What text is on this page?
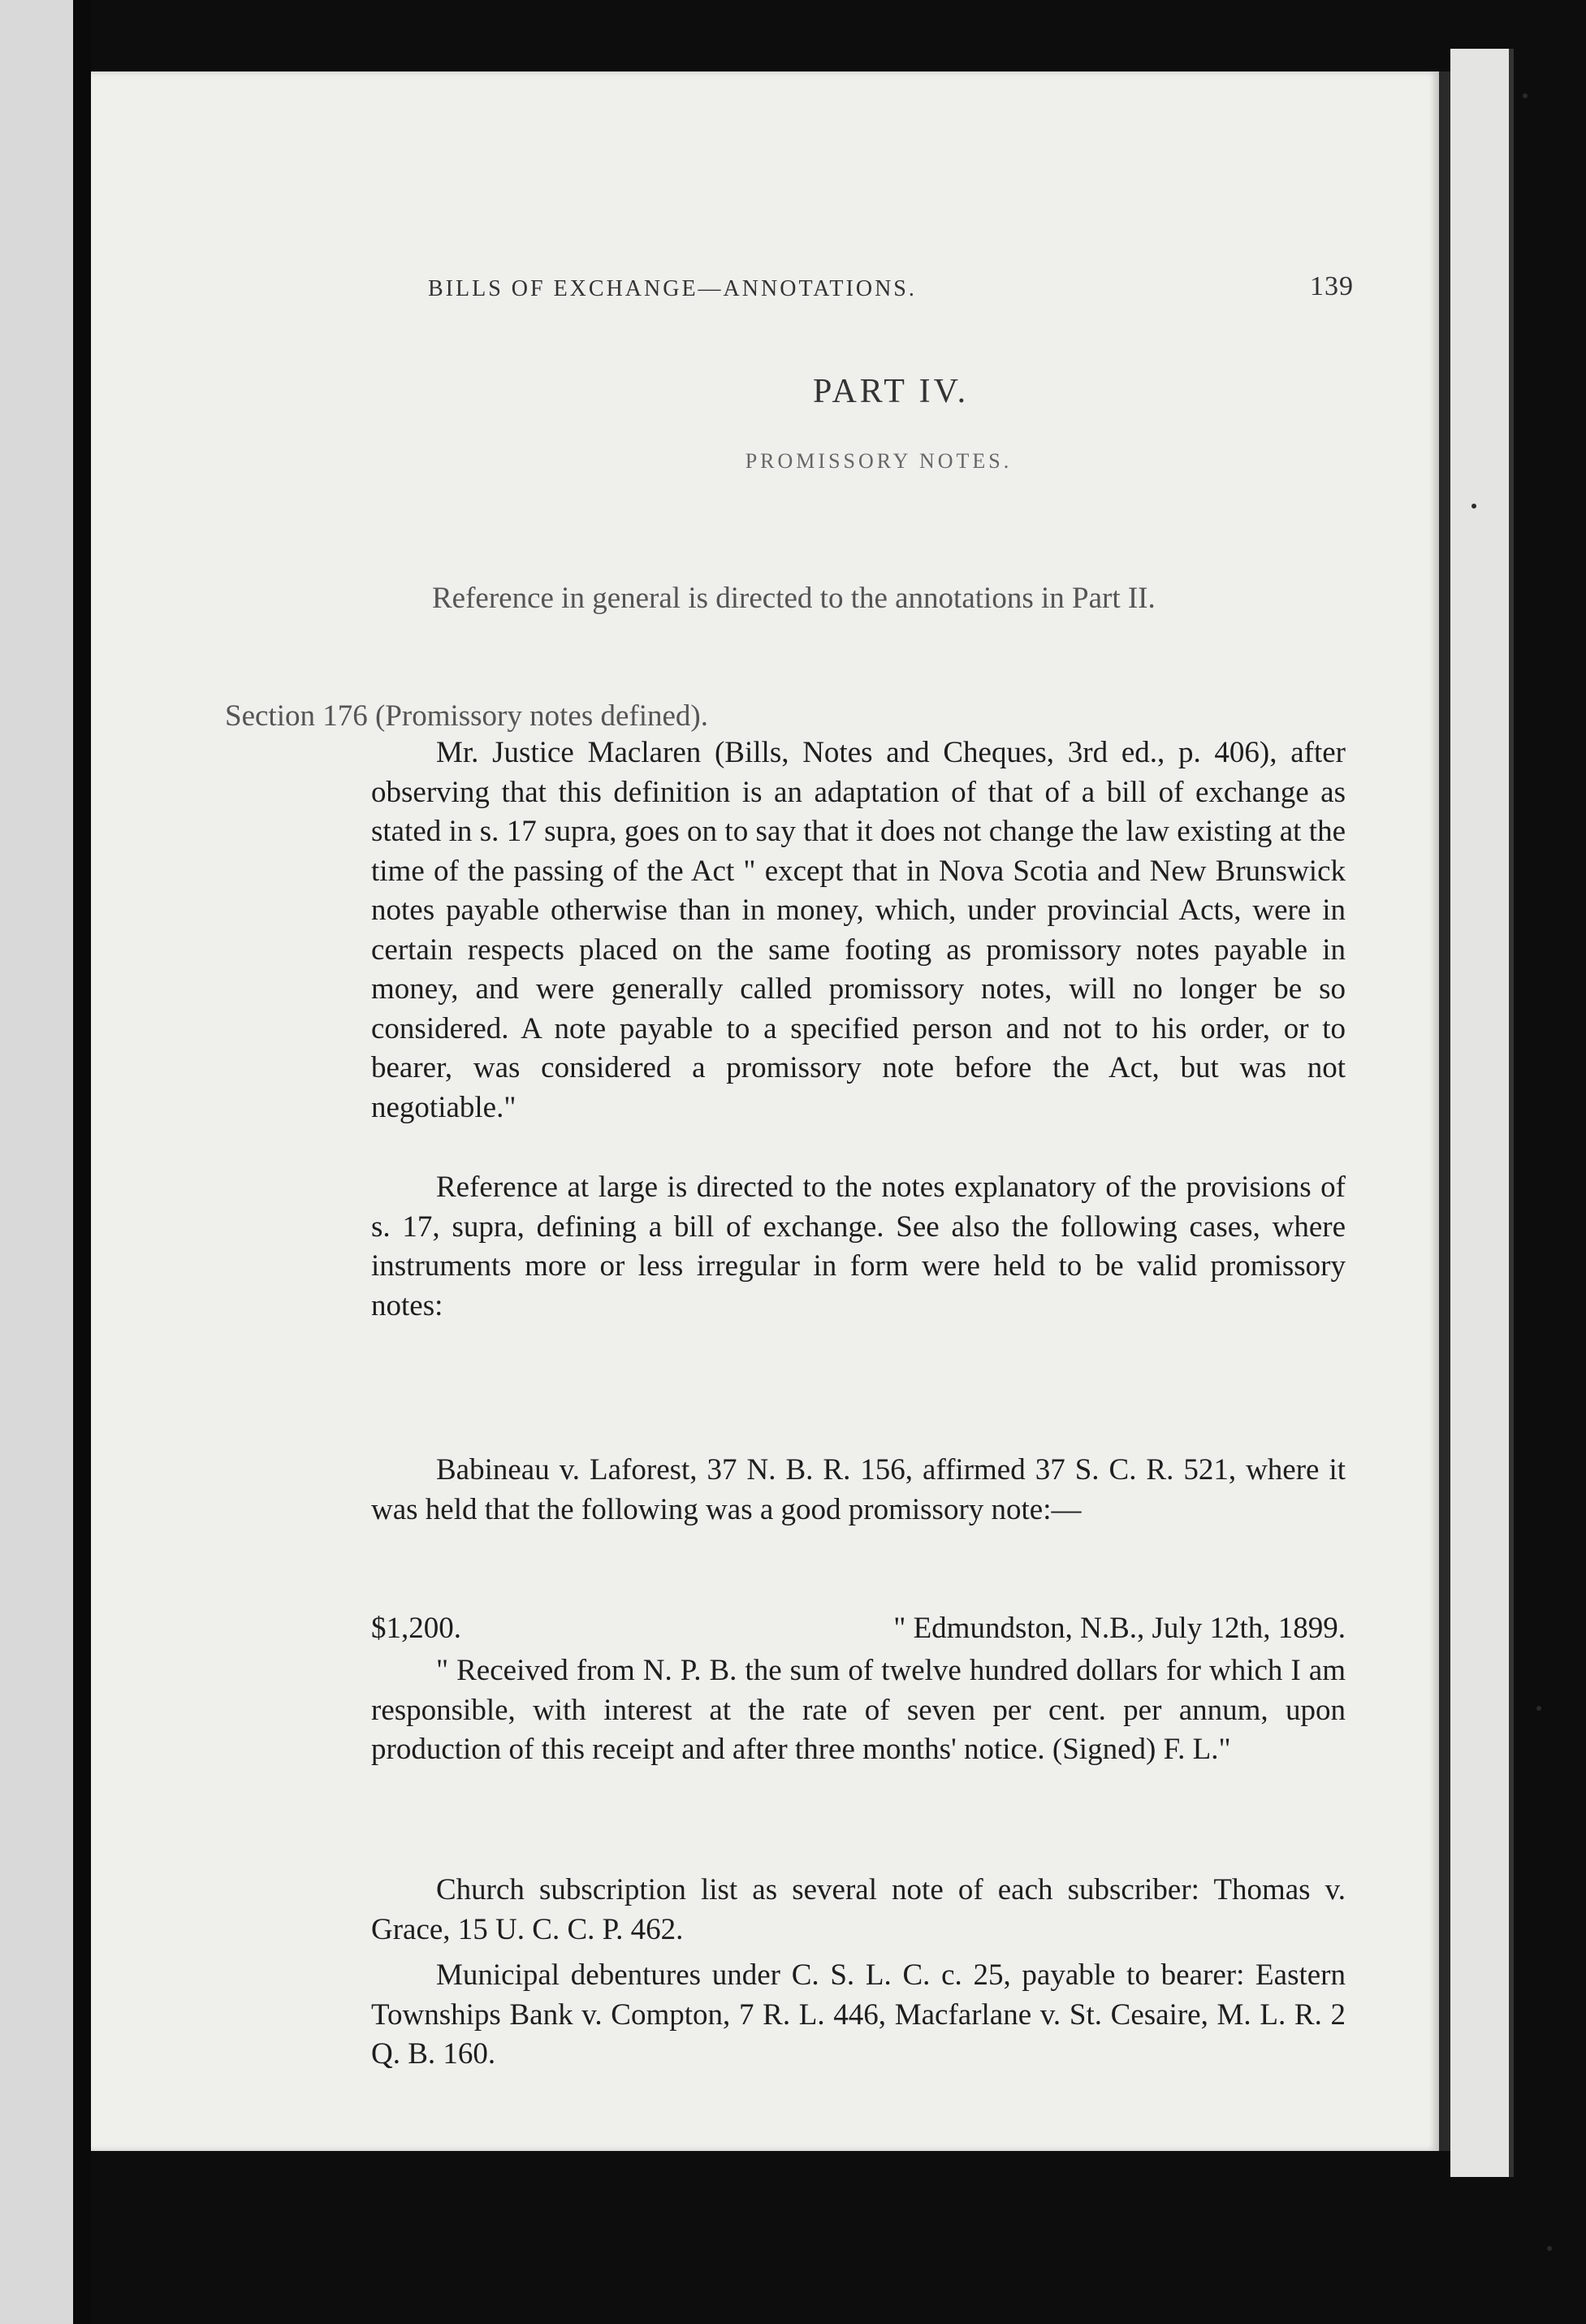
BILLS OF EXCHANGE—ANNOTATIONS.	139
PART IV.
PROMISSORY NOTES.

Reference in general is directed to the annotations in Part II.

Section 176 (Promissory notes defined).

Mr. Justice Maclaren (Bills, Notes and Cheques, 3rd ed., p. 406), after observing that this definition is an adaptation of that of a bill of exchange as stated in s. 17 supra, goes on to say that it does not change the law existing at the time of the passing of the Act " except that in Nova Scotia and New Brunswick notes payable otherwise than in money, which, under provincial Acts, were in certain respects placed on the same footing as promissory notes payable in money, and were generally called promissory notes, will no longer be so considered. A note payable to a specified person and not to his order, or to bearer, was considered a promissory note before the Act, but was not negotiable."

Reference at large is directed to the notes explanatory of the provisions of s. 17, supra, defining a bill of exchange. See also the following cases, where instruments more or less irregular in form were held to be valid promissory notes:

Babineau v. Laforest, 37 N. B. R. 156, affirmed 37 S. C. R. 521, where it was held that the following was a good promissory note:—

$1,200.	" Edmundston, N.B., July 12th, 1899.

" Received from N. P. B. the sum of twelve hundred dollars for which I am responsible, with interest at the rate of seven per cent. per annum, upon production of this receipt and after three months' notice. (Signed) F. L."

Church subscription list as several note of each subscriber: Thomas v. Grace, 15 U. C. C. P. 462.

Municipal debentures under C. S. L. C. c. 25, payable to bearer: Eastern Townships Bank v. Compton, 7 R. L. 446, Macfarlane v. St. Cesaire, M. L. R. 2 Q. B. 160.
